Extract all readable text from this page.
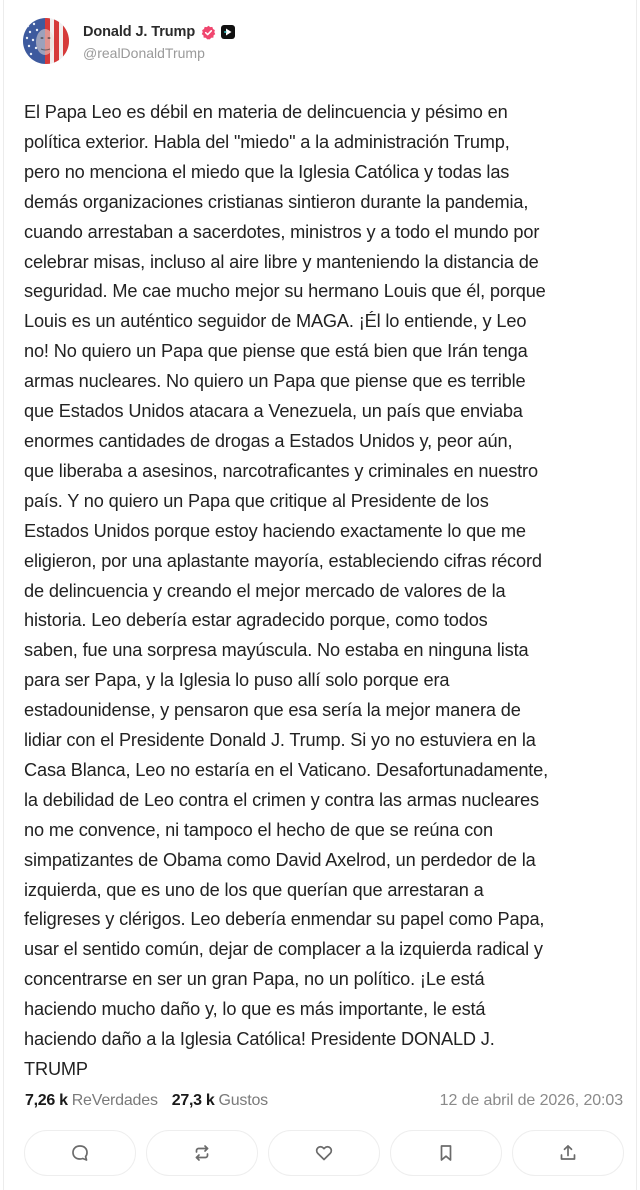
Donald J. Trump
@realDonaldTrump
El Papa Leo es débil en materia de delincuencia y pésimo en
política exterior. Habla del "miedo" a la administración Trump,
pero no menciona el miedo que la Iglesia Católica y todas las
demás organizaciones cristianas sintieron durante la pandemia,
cuando arrestaban a sacerdotes, ministros y a todo el mundo por
celebrar misas, incluso al aire libre y manteniendo la distancia de
seguridad. Me cae mucho mejor su hermano Louis que él, porque
Louis es un auténtico seguidor de MAGA. ¡Él lo entiende, y Leo
no! No quiero un Papa que piense que está bien que Irán tenga
armas nucleares. No quiero un Papa que piense que es terrible
que Estados Unidos atacara a Venezuela, un país que enviaba
enormes cantidades de drogas a Estados Unidos y, peor aún,
que liberaba a asesinos, narcotraficantes y criminales en nuestro
país. Y no quiero un Papa que critique al Presidente de los
Estados Unidos porque estoy haciendo exactamente lo que me
eligieron, por una aplastante mayoría, estableciendo cifras récord
de delincuencia y creando el mejor mercado de valores de la
historia. Leo debería estar agradecido porque, como todos
saben, fue una sorpresa mayúscula. No estaba en ninguna lista
para ser Papa, y la Iglesia lo puso allí solo porque era
estadounidense, y pensaron que esa sería la mejor manera de
lidiar con el Presidente Donald J. Trump. Si yo no estuviera en la
Casa Blanca, Leo no estaría en el Vaticano. Desafortunadamente,
la debilidad de Leo contra el crimen y contra las armas nucleares
no me convence, ni tampoco el hecho de que se reúna con
simpatizantes de Obama como David Axelrod, un perdedor de la
izquierda, que es uno de los que querían que arrestaran a
feligreses y clérigos. Leo debería enmendar su papel como Papa,
usar el sentido común, dejar de complacer a la izquierda radical y
concentrarse en ser un gran Papa, no un político. ¡Le está
haciendo mucho daño y, lo que es más importante, le está
haciendo daño a la Iglesia Católica! Presidente DONALD J.
TRUMP
7,26 k ReVerdades 27,3 k Gustos	12 de abril de 2026, 20:03
